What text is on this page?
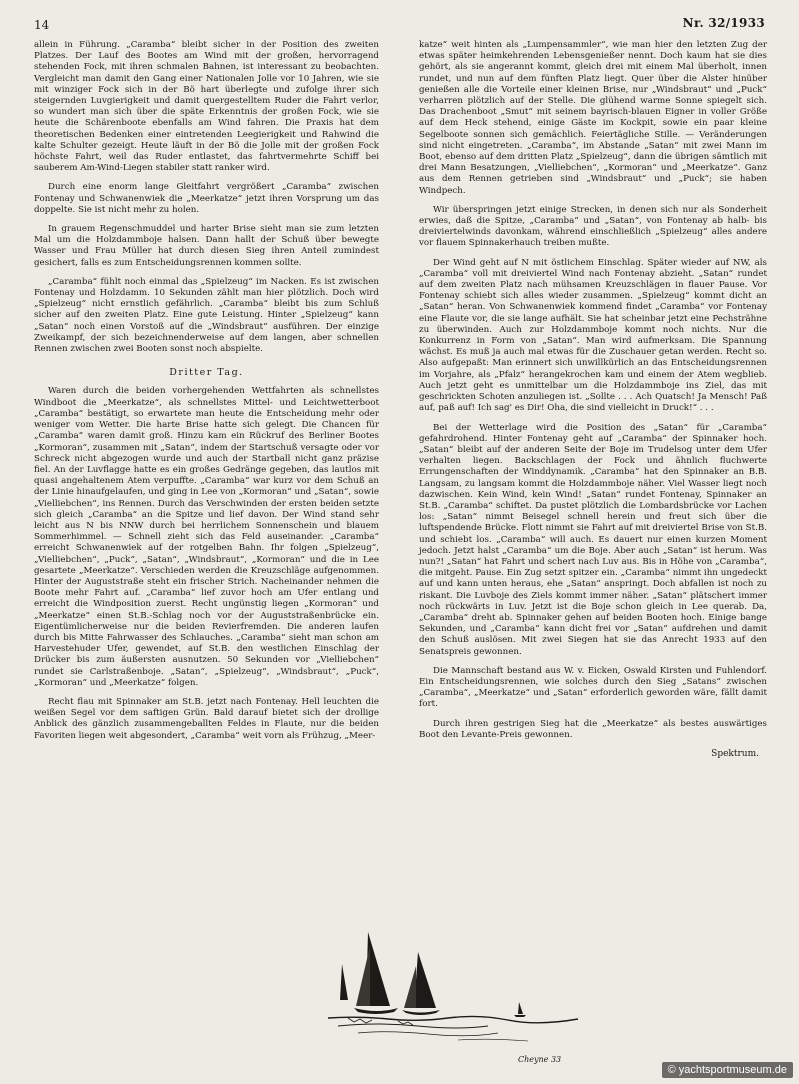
14	Nr. 32/1933

allein in Führung. „Caramba“ bleibt sicher in der Position des zweiten Platzes. Der Lauf des Bootes am Wind mit der großen, hervorragend stehenden Fock, mit ihren schmalen Bahnen, ist interessant zu beobachten. Vergleicht man damit den Gang einer Nationalen Jolle vor 10 Jahren, wie sie mit winziger Fock sich in der Bö hart überlegte und zufolge ihrer sich steigernden Luvgierigkeit und damit quergestelltem Ruder die Fahrt verlor, so wundert man sich über die späte Erkenntnis der großen Fock, wie sie heute die Schärenboote ebenfalls am Wind fahren. Die Praxis hat dem theoretischen Bedenken einer eintretenden Leegierigkeit und Rahwind die kalte Schulter gezeigt. Heute läuft in der Bö die Jolle mit der großen Fock höchste Fahrt, weil das Ruder entlastet, das fahrtvermehrte Schiff bei sauberem Am-Wind-Liegen stabiler statt ranker wird.

Durch eine enorm lange Gleitfahrt vergrößert „Caramba“ zwischen Fontenay und Schwanenwiek die „Meerkatze“ jetzt ihren Vorsprung um das doppelte. Sie ist nicht mehr zu holen.

In grauem Regenschmuddel und harter Brise sieht man sie zum letzten Mal um die Holzdammboje halsen. Dann hallt der Schuß über bewegte Wasser und Frau Müller hat durch diesen Sieg ihren Anteil zumindest gesichert, falls es zum Entscheidungsrennen kommen sollte.

„Caramba“ fühlt noch einmal das „Spielzeug“ im Nacken. Es ist zwischen Fontenay und Holzdamm. 10 Sekunden zählt man hier plötzlich. Doch wird „Spielzeug“ nicht ernstlich gefährlich. „Caramba“ bleibt bis zum Schluß sicher auf den zweiten Platz. Eine gute Leistung. Hinter „Spielzeug“ kann „Satan“ noch einen Vorstoß auf die „Windsbraut“ ausführen. Der einzige Zweikampf, der sich bezeichnenderweise auf dem langen, aber schnellen Rennen zwischen zwei Booten sonst noch abspielte.

Dritter Tag.

Waren durch die beiden vorhergehenden Wettfahrten als schnellstes Windboot die „Meerkatze“, als schnellstes Mittel- und Leichtwetterboot „Caramba“ bestätigt, so erwartete man heute die Entscheidung mehr oder weniger vom Wetter. Die harte Brise hatte sich gelegt. Die Chancen für „Caramba“ waren damit groß. Hinzu kam ein Rückruf des Berliner Bootes „Kormoran“, zusammen mit „Satan“, indem der Startschuß versagte oder vor Schreck nicht abgezogen wurde und auch der Startball nicht ganz präzise fiel. An der Luvflagge hatte es ein großes Gedränge gegeben, das lautlos mit quasi angehaltenem Atem verpuffte. „Caramba“ war kurz vor dem Schuß an der Linie hinaufgelaufen, und ging in Lee von „Kormoran“ und „Satan“, sowie „Vielliebchen“, ins Rennen. Durch das Verschwinden der ersten beiden setzte sich gleich „Caramba“ an die Spitze und lief davon. Der Wind stand sehr leicht aus N bis NNW durch bei herrlichem Sonnenschein und blauem Sommerhimmel. — Schnell zieht sich das Feld auseinander. „Caramba“ erreicht Schwanenwiek auf der rotgelben Bahn. Ihr folgen „Spielzeug“, „Vielliebchen“, „Puck“, „Satan“, „Windsbraut“, „Kormoran“ und die in Lee gesartete „Meerkatze“. Verschieden werden die Kreuzschläge aufgenommen. Hinter der Auguststraße steht ein frischer Strich. Nacheinander nehmen die Boote mehr Fahrt auf. „Caramba“ lief zuvor hoch am Ufer entlang und erreicht die Windposition zuerst. Recht ungünstig liegen „Kormoran“ und „Meerkatze“ einen St.B.-Schlag noch vor der Auguststraßenbrücke ein. Eigentümlicherweise nur die beiden Revierfremden. Die anderen laufen durch bis Mitte Fahrwasser des Schlauches. „Caramba“ sieht man schon am Harvestehuder Ufer, gewendet, auf St.B. den westlichen Einschlag der Drücker bis zum äußersten ausnutzen. 50 Sekunden vor „Vielliebchen“ rundet sie Carlstraßenboje. „Satan“, „Spielzeug“, „Windsbraut“, „Puck“, „Kormoran“ und „Meerkatze“ folgen.

Recht flau mit Spinnaker am St.B. jetzt nach Fontenay. Hell leuchten die weißen Segel vor dem saftigen Grün. Bald darauf bietet sich der drollige Anblick des gänzlich zusammengeballten Feldes in Flaute, nur die beiden Favoriten liegen weit abgesondert, „Caramba“ weit vorn als Frühzug, „Meer-

katze“ weit hinten als „Lumpensammler“, wie man hier den letzten Zug der etwas später heimkehrenden Lebensgenießer nennt. Doch kaum hat sie dies gehört, als sie angerannt kommt, gleich drei mit einem Mal überholt, innen rundet, und nun auf dem fünften Platz liegt. Quer über die Alster hinüber genießen alle die Vorteile einer kleinen Brise, nur „Windsbraut“ und „Puck“ verharren plötzlich auf der Stelle. Die glühend warme Sonne spiegelt sich. Das Drachenboot „Smut“ mit seinem bayrisch-blauen Eigner in voller Größe auf dem Heck stehend, einige Gäste im Kockpit, sowie ein paar kleine Segelboote sonnen sich gemächlich. Feiertägliche Stille. — Veränderungen sind nicht eingetreten. „Caramba“, im Abstande „Satan“ mit zwei Mann im Boot, ebenso auf dem dritten Platz „Spielzeug“, dann die übrigen sämtlich mit drei Mann Besatzungen, „Vielliebchen“, „Kormoran“ und „Meerkatze“. Ganz aus dem Rennen getrieben sind „Windsbraut“ und „Puck“; sie haben Windpech.

Wir überspringen jetzt einige Strecken, in denen sich nur als Sonderheit erwies, daß die Spitze, „Caramba“ und „Satan“, von Fontenay ab halb- bis dreiviertelwinds davonkam, während einschließlich „Spielzeug“ alles andere vor flauem Spinnakerhauch treiben mußte.

Der Wind geht auf N mit östlichem Einschlag. Später wieder auf NW, als „Caramba“ voll mit dreiviertel Wind nach Fontenay abzieht. „Satan“ rundet auf dem zweiten Platz nach mühsamen Kreuzschlägen in flauer Pause. Vor Fontenay schiebt sich alles wieder zusammen. „Spielzeug“ kommt dicht an „Satan“ heran. Von Schwanenwiek kommend findet „Caramba“ vor Fontenay eine Flaute vor, die sie lange aufhält. Sie hat scheinbar jetzt eine Pechsträhne zu überwinden. Auch zur Holzdammboje kommt noch nichts. Nur die Konkurrenz in Form von „Satan“. Man wird aufmerksam. Die Spannung wächst. Es muß ja auch mal etwas für die Zuschauer getan werden. Recht so. Also aufgepaßt: Man erinnert sich unwillkürlich an das Entscheidungsrennen im Vorjahre, als „Pfalz“ herangekrochen kam und einem der Atem wegblieb. Auch jetzt geht es unmittelbar um die Holzdammboje ins Ziel, das mit geschrickten Schoten anzuliegen ist. „Sollte . . . Ach Quatsch! Ja Mensch! Paß auf, paß auf! Ich sag' es Dir! Oha, die sind vielleicht in Druck!“ . . .

Bei der Wetterlage wird die Position des „Satan“ für „Caramba“ gefahrdrohend. Hinter Fontenay geht auf „Caramba“ der Spinnaker hoch. „Satan“ bleibt auf der anderen Seite der Boje im Trudelsog unter dem Ufer verhalten liegen. Backschlagen der Fock und ähnlich fluchwerte Errungenschaften der Winddynamik. „Caramba“ hat den Spinnaker an B.B. Langsam, zu langsam kommt die Holzdammboje näher. Viel Wasser liegt noch dazwischen. Kein Wind, kein Wind! „Satan“ rundet Fontenay, Spinnaker an St.B. „Caramba“ schiftet. Da pustet plötzlich die Lombardsbrücke vor Lachen los: „Satan“ nimmt Beisegel schnell herein und freut sich über die luftspendende Brücke. Flott nimmt sie Fahrt auf mit dreiviertel Brise von St.B. und schiebt los. „Caramba“ will auch. Es dauert nur einen kurzen Moment jedoch. Jetzt halst „Caramba“ um die Boje. Aber auch „Satan“ ist herum. Was nun?! „Satan“ hat Fahrt und schert nach Luv aus. Bis in Höhe von „Caramba“, die mitgeht. Pause. Ein Zug setzt spitzer ein. „Caramba“ nimmt ihn ungedeckt auf und kann unten heraus, ehe „Satan“ anspringt. Doch abfallen ist noch zu riskant. Die Luvboje des Ziels kommt immer näher. „Satan“ plätschert immer noch rückwärts in Luv. Jetzt ist die Boje schon gleich in Lee querab. Da, „Caramba“ dreht ab. Spinnaker gehen auf beiden Booten hoch. Einige bange Sekunden, und „Caramba“ kann dicht frei vor „Satan“ aufdrehen und damit den Schuß auslösen. Mit zwei Siegen hat sie das Anrecht 1933 auf den Senatspreis gewonnen.

Die Mannschaft bestand aus W. v. Eicken, Oswald Kirsten und Fuhlendorf. Ein Entscheidungsrennen, wie solches durch den Sieg „Satans“ zwischen „Caramba“, „Meerkatze“ und „Satan“ erforderlich geworden wäre, fällt damit fort.

Durch ihren gestrigen Sieg hat die „Meerkatze“ als bestes auswärtiges Boot den Levante-Preis gewonnen.

Spektrum.
Cheyne 33
© yachtsportmuseum.de
